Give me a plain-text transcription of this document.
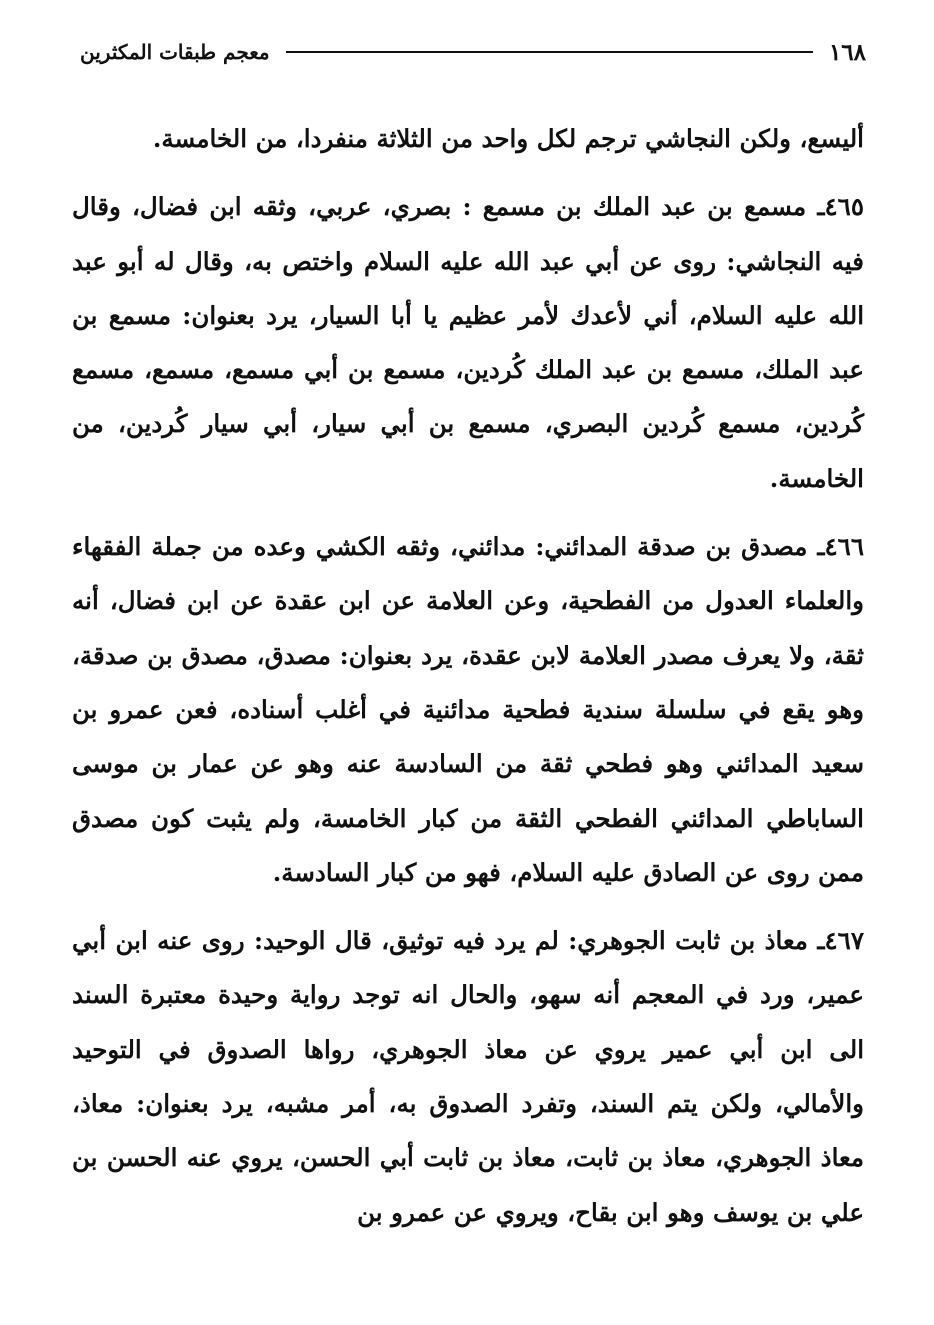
١٦٨
معجم طبقات المكثرين

أليسع، ولكن النجاشي ترجم لكل واحد من الثلاثة منفردا، من الخامسة.

٤٦٥ـ مسمع بن عبد الملك بن مسمع : بصري، عربي، وثقه ابن فضال، وقال فيه النجاشي: روى عن أبي عبد الله عليه السلام واختص به، وقال له أبو عبد الله عليه السلام، أني لأعدك لأمر عظيم يا أبا السيار، يرد بعنوان: مسمع بن عبد الملك، مسمع بن عبد الملك كُردين، مسمع بن أبي مسمع، مسمع، مسمع كُردين، مسمع كُردين البصري، مسمع بن أبي سيار، أبي سيار كُردين، من الخامسة.

٤٦٦ـ مصدق بن صدقة المدائني: مدائني، وثقه الكشي وعده من جملة الفقهاء والعلماء العدول من الفطحية، وعن العلامة عن ابن عقدة عن ابن فضال، أنه ثقة، ولا يعرف مصدر العلامة لابن عقدة، يرد بعنوان: مصدق، مصدق بن صدقة، وهو يقع في سلسلة سندية فطحية مدائنية في أغلب أسناده، فعن عمرو بن سعيد المدائني وهو فطحي ثقة من السادسة عنه وهو عن عمار بن موسى الساباطي المدائني الفطحي الثقة من كبار الخامسة، ولم يثبت كون مصدق ممن روى عن الصادق عليه السلام، فهو من كبار السادسة.

٤٦٧ـ معاذ بن ثابت الجوهري: لم يرد فيه توثيق، قال الوحيد: روى عنه ابن أبي عمير، ورد في المعجم أنه سهو، والحال انه توجد رواية وحيدة معتبرة السند الى ابن أبي عمير يروي عن معاذ الجوهري، رواها الصدوق في التوحيد والأمالي، ولكن يتم السند، وتفرد الصدوق به، أمر مشبه، يرد بعنوان: معاذ، معاذ الجوهري، معاذ بن ثابت، معاذ بن ثابت أبي الحسن، يروي عنه الحسن بن علي بن يوسف وهو ابن بقاح، ويروي عن عمرو بن
